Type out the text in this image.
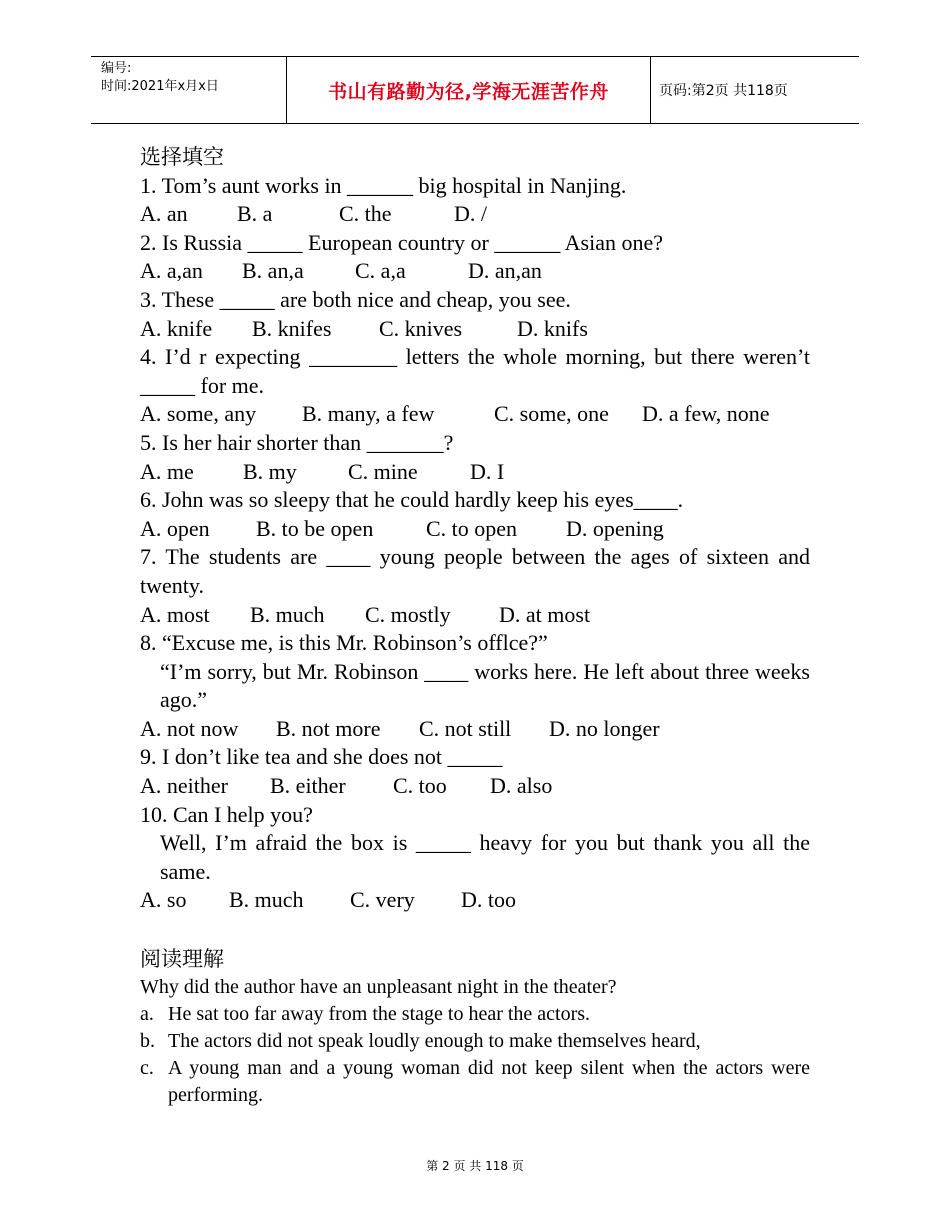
编号:
时间:2021年x月x日	书山有路勤为径,学海无涯苦作舟	页码:第2页 共118页
选择填空
1. Tom’s aunt works in ______ big hospital in Nanjing.
A. an	B. a	C. the	D. /
2. Is Russia _____ European country or ______ Asian one?
A. a,an	B. an,a	C. a,a	D. an,an
3. These _____ are both nice and cheap, you see.
A. knife	B. knifes	C. knives	D. knifs
4. I’d r expecting ________ letters the whole morning, but there weren’t _____ for me.
A. some, any	B. many, a few	C. some, one	D. a few, none
5. Is her hair shorter than _______?
A. me	B. my	C. mine	D. I
6. John was so sleepy that he could hardly keep his eyes____.
A. open	B. to be open	C. to open	D. opening
7. The students are ____ young people between the ages of sixteen and twenty.
A. most	B. much	C. mostly	D. at most
8. “Excuse me, is this Mr. Robinson’s offlce?”
“I’m sorry, but Mr. Robinson ____ works here. He left about three weeks ago.”
A. not now	B. not more	C. not still	D. no longer
9. I don’t like tea and she does not _____
A. neither	B. either	C. too	D. also
10. Can I help you?
Well, I’m afraid the box is _____ heavy for you but thank you all the same.
A. so	B. much	C. very	D. too
阅读理解
Why did the author have an unpleasant night in the theater?
a. He sat too far away from the stage to hear the actors.
b. The actors did not speak loudly enough to make themselves heard,
c. A young man and a young woman did not keep silent when the actors were performing.
第 2 页 共 118 页
